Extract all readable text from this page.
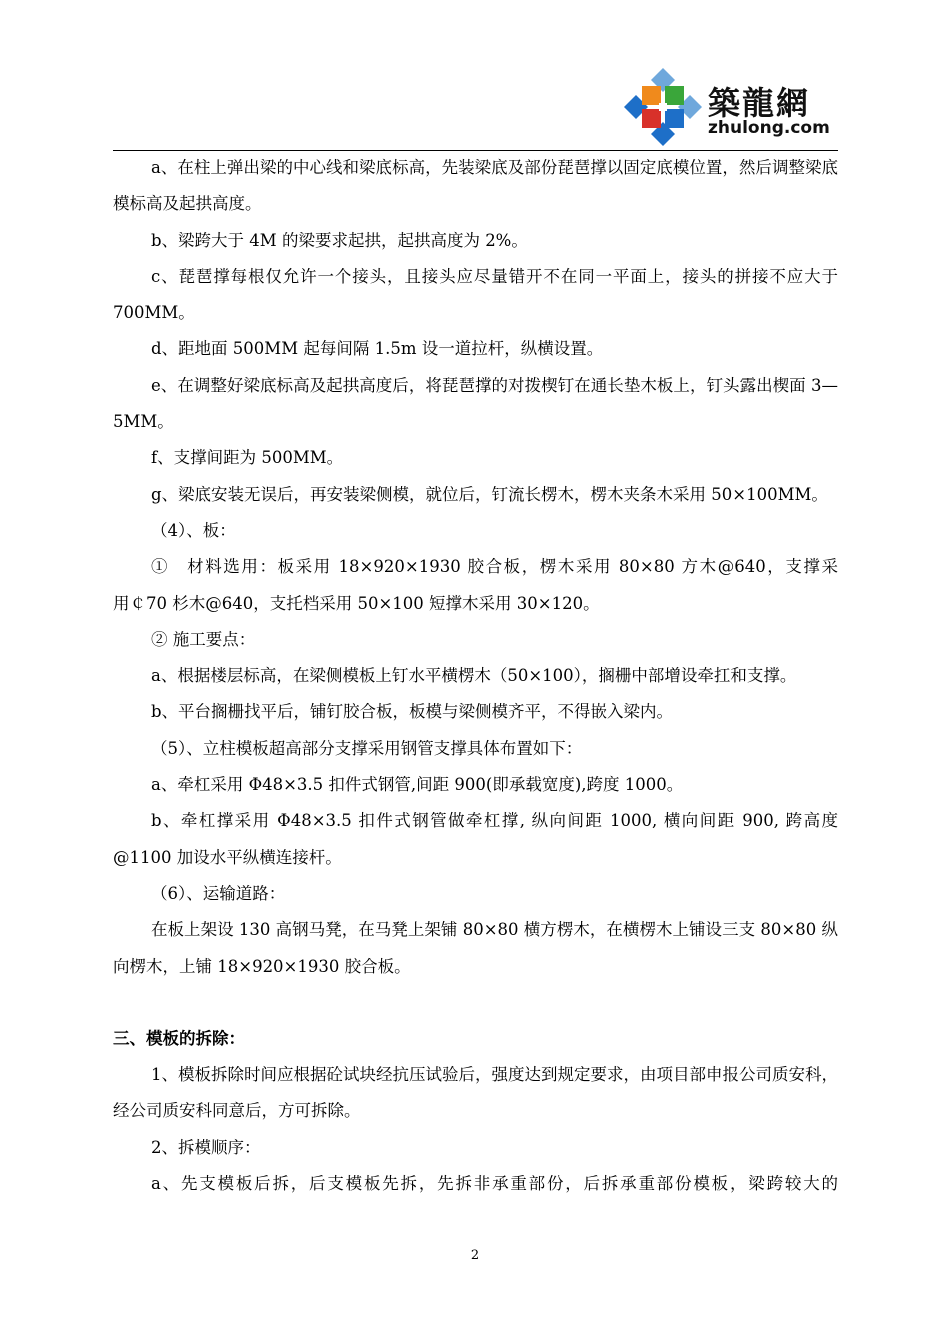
築龍網
zhulong.com

a、在柱上弹出梁的中心线和梁底标高，先装梁底及部份琵琶撑以固定底模位置，然后调整梁底模标高及起拱高度。

b、梁跨大于 4M 的梁要求起拱，起拱高度为 2%。

c、琵琶撑每根仅允许一个接头，且接头应尽量错开不在同一平面上，接头的拼接不应大于 700MM。

d、距地面 500MM 起每间隔 1.5m 设一道拉杆，纵横设置。

e、在调整好梁底标高及起拱高度后，将琵琶撑的对拨楔钉在通长垫木板上，钉头露出楔面 3—5MM。

f、支撑间距为 500MM。

g、梁底安装无误后，再安装梁侧模，就位后，钉流长楞木，楞木夹条木采用 50×100MM。

（4）、板：

①　材料选用：板采用 18×920×1930 胶合板，楞木采用 80×80 方木@640，支撑采用￠70 杉木@640，支托档采用 50×100 短撑木采用 30×120。

② 施工要点：

a、根据楼层标高，在梁侧模板上钉水平横楞木（50×100），搁栅中部增设牵扛和支撑。

b、平台搁栅找平后，铺钉胶合板，板模与梁侧模齐平，不得嵌入梁内。

（5）、立柱模板超高部分支撑采用钢管支撑具体布置如下：

a、牵杠采用 Φ48×3.5 扣件式钢管,间距 900(即承载宽度),跨度 1000。

b、牵杠撑采用 Φ48×3.5 扣件式钢管做牵杠撑, 纵向间距 1000, 横向间距 900, 跨高度@1100 加设水平纵横连接杆。

（6）、运输道路：

在板上架设 130 高钢马凳，在马凳上架铺 80×80 横方楞木，在横楞木上铺设三支 80×80 纵向楞木，上铺 18×920×1930 胶合板。

三、模板的拆除：

1、模板拆除时间应根据砼试块经抗压试验后，强度达到规定要求，由项目部申报公司质安科，经公司质安科同意后，方可拆除。

2、拆模顺序：

a、先支模板后拆，后支模板先拆，先拆非承重部份，后拆承重部份模板，梁跨较大的

2
